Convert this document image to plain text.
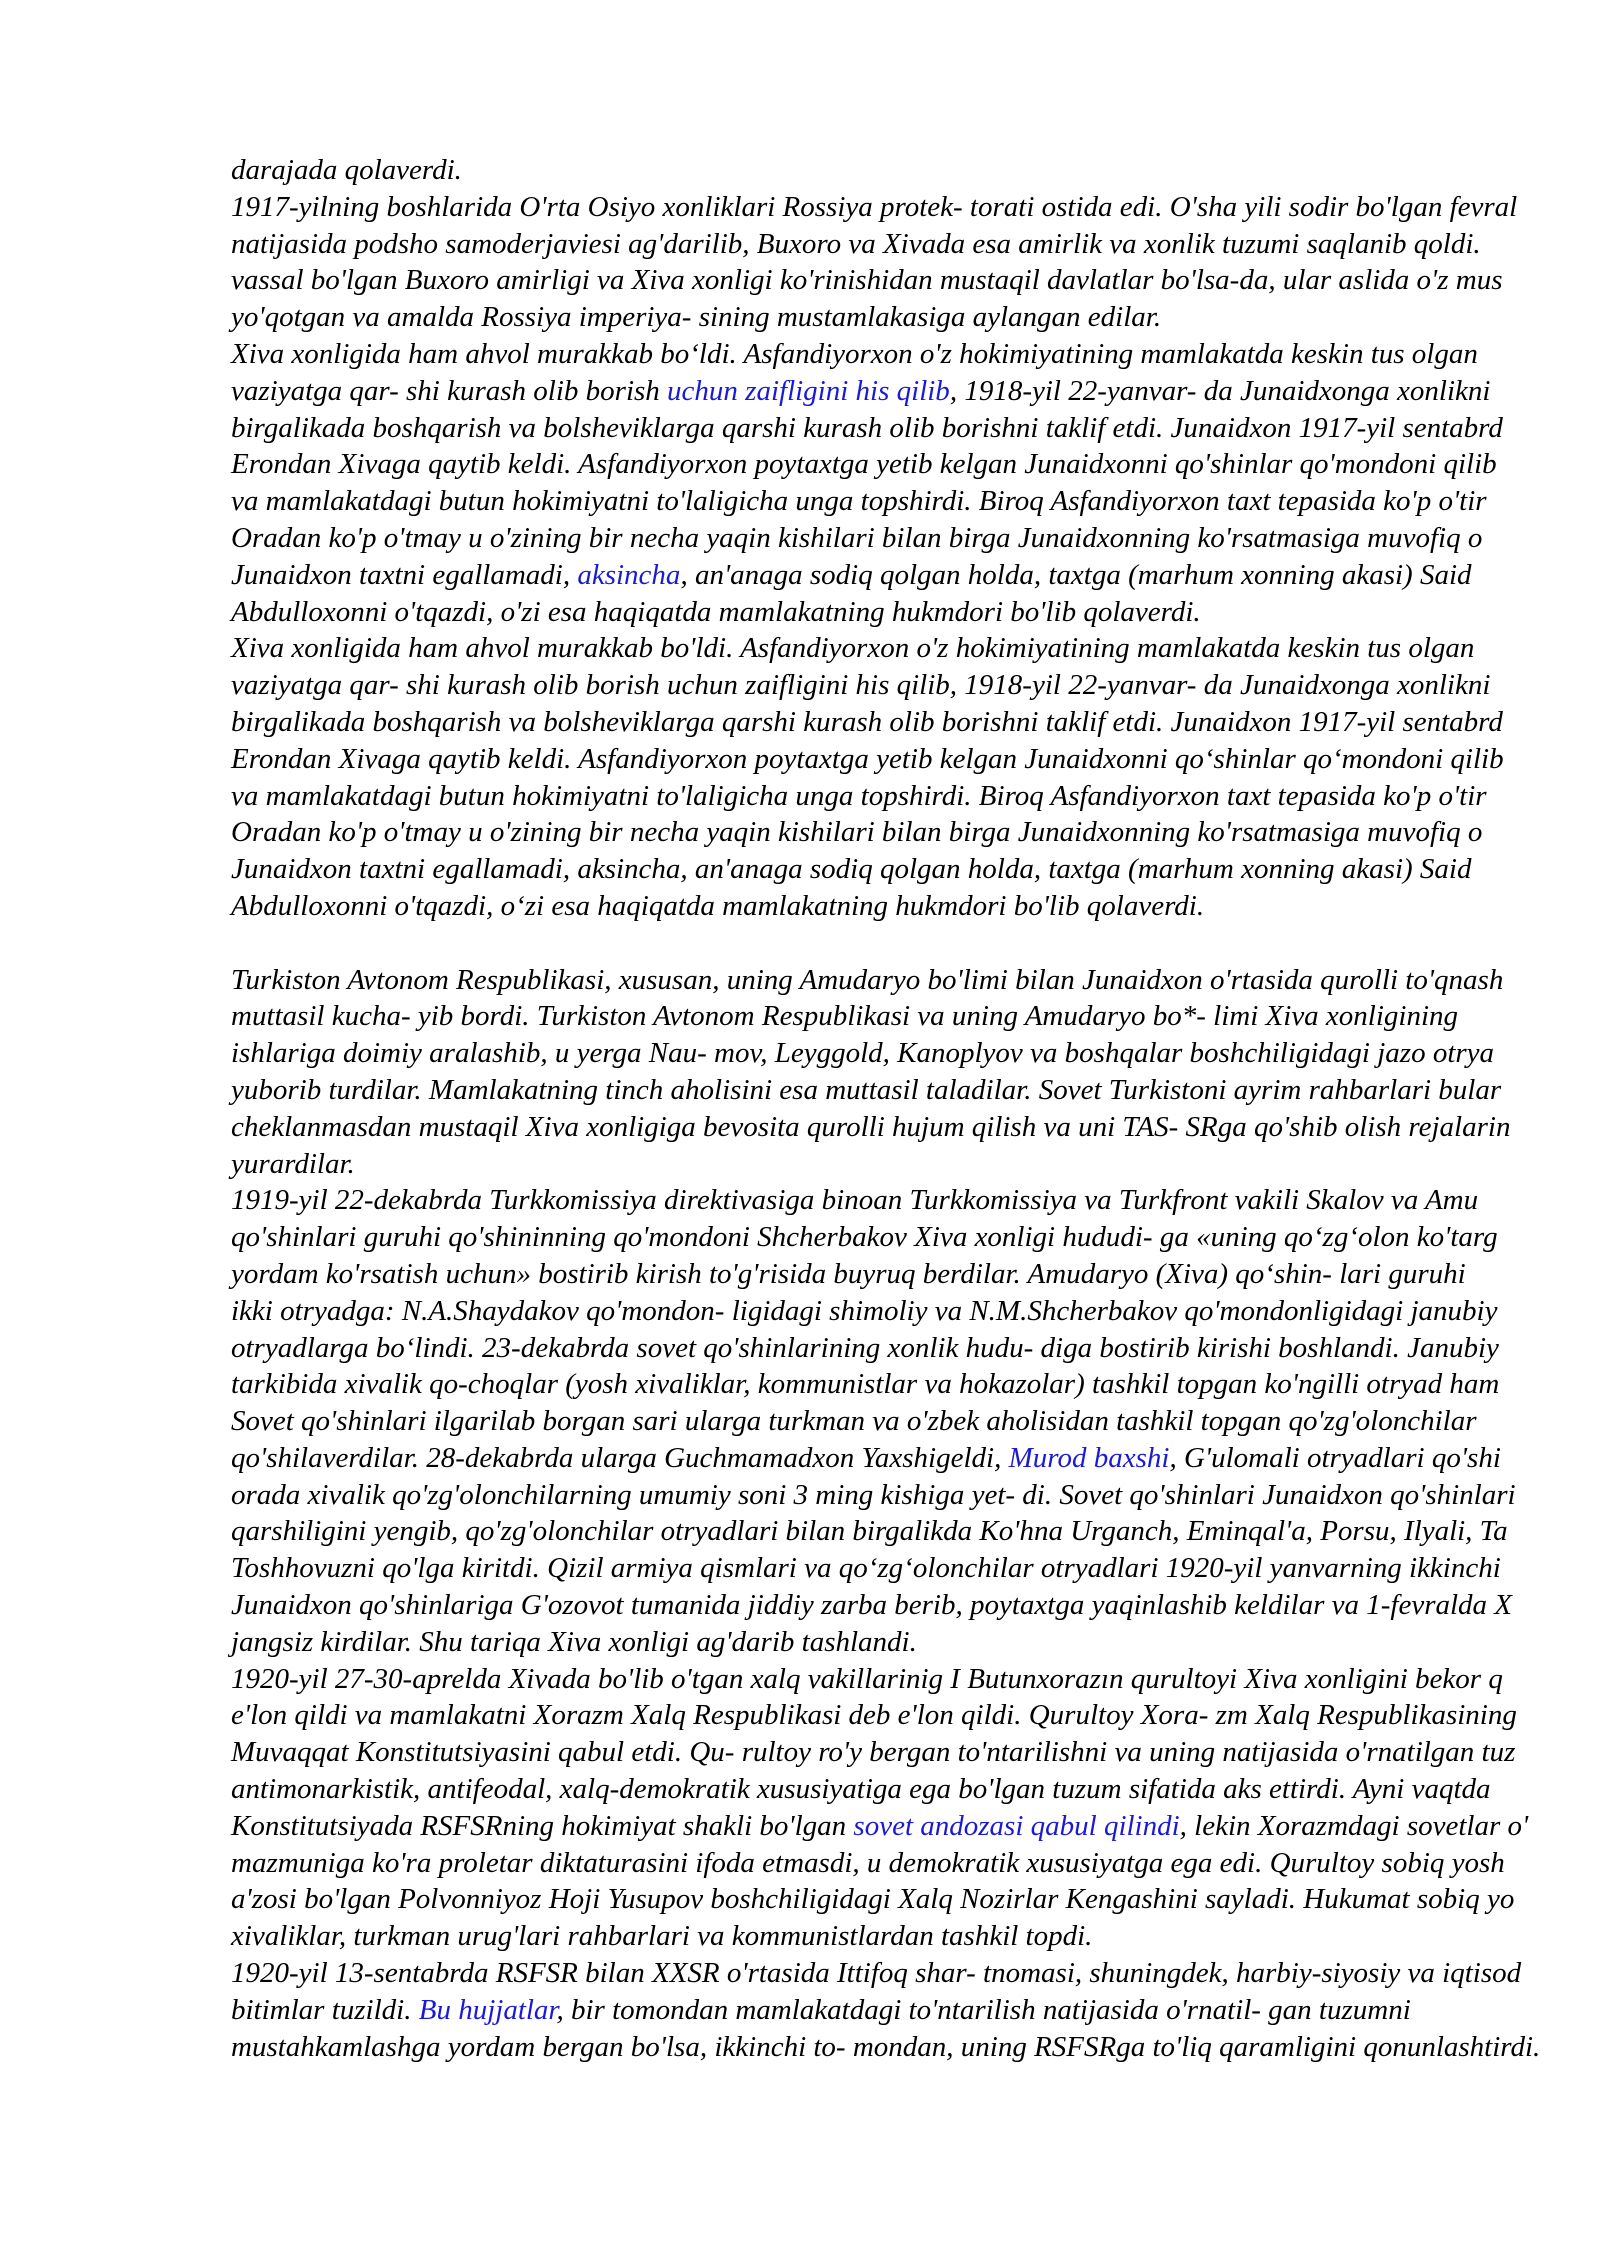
darajada qolaverdi.
1917-yilning boshlarida O'rta Osiyo xonliklari Rossiya protek- torati ostida edi. O'sha yili sodir bo'lgan fevral
natijasida podsho samoderjaviesi ag'darilib, Buxoro va Xivada esa amirlik va xonlik tuzumi saqlanib qoldi.
vassal bo'lgan Buxoro amirligi va Xiva xonligi ko'rinishidan mustaqil davlatlar bo'lsa-da, ular aslida o'z mus
yo'qotgan va amalda Rossiya imperiya- sining mustamlakasiga aylangan edilar.
Xiva xonligida ham ahvol murakkab bo‘ldi. Asfandiyorxon o'z hokimiyatining mamlakatda keskin tus olgan
vaziyatga qar- shi kurash olib borish uchun zaifligini his qilib, 1918-yil 22-yanvar- da Junaidxonga xonlikni
birgalikada boshqarish va bolsheviklarga qarshi kurash olib borishni taklif etdi. Junaidxon 1917-yil sentabrd
Erondan Xivaga qaytib keldi. Asfandiyorxon poytaxtga yetib kelgan Junaidxonni qo'shinlar qo'mondoni qilib
va mamlakatdagi butun hokimiyatni to'laligicha unga topshirdi. Biroq Asfandiyorxon taxt tepasida ko'p o'tir
Oradan ko'p o'tmay u o'zining bir necha yaqin kishilari bilan birga Junaidxonning ko'rsatmasiga muvofiq o
Junaidxon taxtni egallamadi, aksincha, an'anaga sodiq qolgan holda, taxtga (marhum xonning akasi) Said
Abdulloxonni o'tqazdi, o'zi esa haqiqatda mamlakatning hukmdori bo'lib qolaverdi.
Xiva xonligida ham ahvol murakkab bo'ldi. Asfandiyorxon o'z hokimiyatining mamlakatda keskin tus olgan
vaziyatga qar- shi kurash olib borish uchun zaifligini his qilib, 1918-yil 22-yanvar- da Junaidxonga xonlikni
birgalikada boshqarish va bolsheviklarga qarshi kurash olib borishni taklif etdi. Junaidxon 1917-yil sentabrd
Erondan Xivaga qaytib keldi. Asfandiyorxon poytaxtga yetib kelgan Junaidxonni qo‘shinlar qo‘mondoni qilib
va mamlakatdagi butun hokimiyatni to'laligicha unga topshirdi. Biroq Asfandiyorxon taxt tepasida ko'p o'tir
Oradan ko'p o'tmay u o'zining bir necha yaqin kishilari bilan birga Junaidxonning ko'rsatmasiga muvofiq o
Junaidxon taxtni egallamadi, aksincha, an'anaga sodiq qolgan holda, taxtga (marhum xonning akasi) Said
Abdulloxonni o'tqazdi, o‘zi esa haqiqatda mamlakatning hukmdori bo'lib qolaverdi.
Turkiston Avtonom Respublikasi, xususan, uning Amudaryo bo'limi bilan Junaidxon o'rtasida qurolli to'qnash
muttasil kucha- yib bordi. Turkiston Avtonom Respublikasi va uning Amudaryo bo*- limi Xiva xonligining
ishlariga doimiy aralashib, u yerga Nau- mov, Leyggold, Kanoplyov va boshqalar boshchiligidagi jazo otrya
yuborib turdilar. Mamlakatning tinch aholisini esa muttasil taladilar. Sovet Turkistoni ayrim rahbarlari bular
cheklanmasdan mustaqil Xiva xonligiga bevosita qurolli hujum qilish va uni TAS- SRga qo'shib olish rejalarin
yurardilar.
1919-yil 22-dekabrda Turkkomissiya direktivasiga binoan Turkkomissiya va Turkfront vakili Skalov va Amu
qo'shinlari guruhi qo'shininning qo'mondoni Shcherbakov Xiva xonligi hududi- ga «uning qo‘zg‘olon ko'targ
yordam ko'rsatish uchun» bostirib kirish to'g'risida buyruq berdilar. Amudaryo (Xiva) qo‘shin- lari guruhi
ikki otryadga: N.A.Shaydakov qo'mondon- ligidagi shimoliy va N.M.Shcherbakov qo'mondonligidagi janubiy
otryadlarga bo‘lindi. 23-dekabrda sovet qo'shinlarining xonlik hudu- diga bostirib kirishi boshlandi. Janubiy
tarkibida xivalik qo-choqlar (yosh xivaliklar, kommunistlar va hokazolar) tashkil topgan ko'ngilli otryad ham
Sovet qo'shinlari ilgarilab borgan sari ularga turkman va o'zbek aholisidan tashkil topgan qo'zg'olonchilar
qo'shilaverdilar. 28-dekabrda ularga Guchmamadxon Yaxshigeldi, Murod baxshi, G'ulomali otryadlari qo'shi
orada xivalik qo'zg'olonchilarning umumiy soni 3 ming kishiga yet- di. Sovet qo'shinlari Junaidxon qo'shinlari
qarshiligini yengib, qo'zg'olonchilar otryadlari bilan birgalikda Ko'hna Urganch, Eminqal'a, Porsu, Ilyali, Ta
Toshhovuzni qo'lga kiritdi. Qizil armiya qismlari va qo‘zg‘olonchilar otryadlari 1920-yil yanvarning ikkinchi
Junaidxon qo'shinlariga G'ozovot tumanida jiddiy zarba berib, poytaxtga yaqinlashib keldilar va 1-fevralda X
jangsiz kirdilar. Shu tariqa Xiva xonligi ag'darib tashlandi.
1920-yil 27-30-aprelda Xivada bo'lib o'tgan xalq vakillarinig I Butunxorazın qurultoyi Xiva xonligini bekor q
e'lon qildi va mamlakatni Xorazm Xalq Respublikasi deb e'lon qildi. Qurultoy Xora- zm Xalq Respublikasining
Muvaqqat Konstitutsiyasini qabul etdi. Qu- rultoy ro'y bergan to'ntarilishni va uning natijasida o'rnatilgan tuz
antimonarkistik, antifeodal, xalq-demokratik xususiyatiga ega bo'lgan tuzum sifatida aks ettirdi. Ayni vaqtda
Konstitutsiyada RSFSRning hokimiyat shakli bo'lgan sovet andozasi qabul qilindi, lekin Xorazmdagi sovetlar o'
mazmuniga ko'ra proletar diktaturasini ifoda etmasdi, u demokratik xususiyatga ega edi. Qurultoy sobiq yosh
a'zosi bo'lgan Polvonniyoz Hoji Yusupov boshchiligidagi Xalq Nozirlar Kengashini sayladi. Hukumat sobiq yo
xivaliklar, turkman urug'lari rahbarlari va kommunistlardan tashkil topdi.
1920-yil 13-sentabrda RSFSR bilan XXSR o'rtasida Ittifoq shar- tnomasi, shuningdek, harbiy-siyosiy va iqtisod
bitimlar tuzildi. Bu hujjatlar, bir tomondan mamlakatdagi to'ntarilish natijasida o'rnatil- gan tuzumni
mustahkamlashga yordam bergan bo'lsa, ikkinchi to- mondan, uning RSFSRga to'liq qaramligini qonunlashtirdi.
